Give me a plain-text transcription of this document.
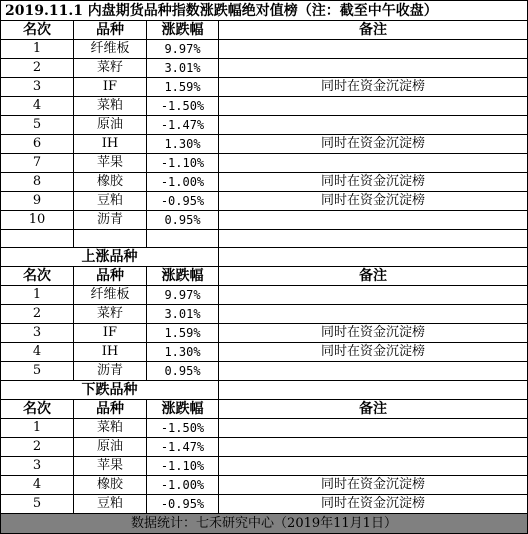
2019.11.1 内盘期货品种指数涨跌幅绝对值榜（注：截至中午收盘）			
名次	品种	涨跌幅	备注
1	纤维板	9.97%	
2	菜籽	3.01%	
3	IF	1.59%	同时在资金沉淀榜
4	菜粕	-1.50%	
5	原油	-1.47%	
6	IH	1.30%	同时在资金沉淀榜
7	苹果	-1.10%	
8	橡胶	-1.00%	同时在资金沉淀榜
9	豆粕	-0.95%	同时在资金沉淀榜
10	沥青	0.95%	

上涨品种			
名次	品种	涨跌幅	备注
1	纤维板	9.97%	
2	菜籽	3.01%	
3	IF	1.59%	同时在资金沉淀榜
4	IH	1.30%	同时在资金沉淀榜
5	沥青	0.95%	
下跌品种			
名次	品种	涨跌幅	备注
1	菜粕	-1.50%	
2	原油	-1.47%	
3	苹果	-1.10%	
4	橡胶	-1.00%	同时在资金沉淀榜
5	豆粕	-0.95%	同时在资金沉淀榜
数据统计：七禾研究中心（2019年11月1日）			
